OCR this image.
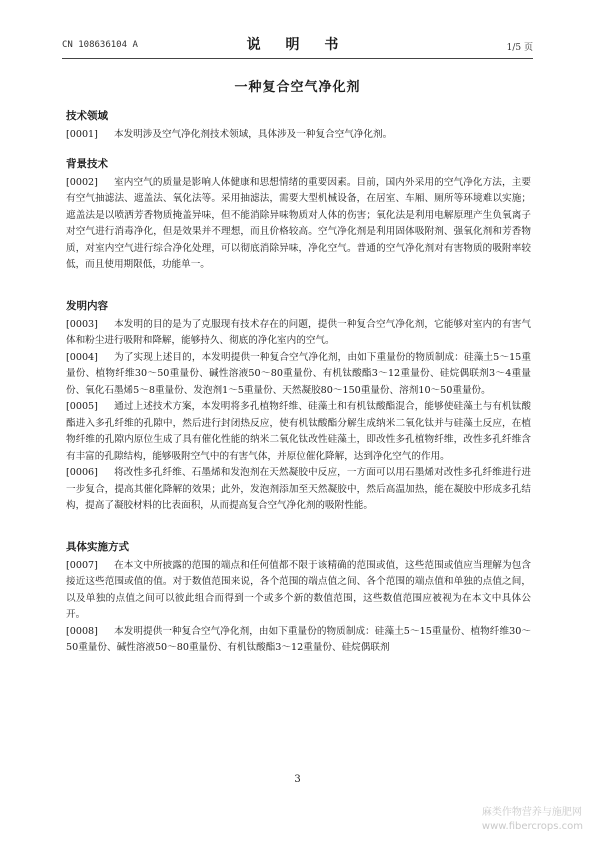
CN 108636104 A	说 明 书	1/5 页
一种复合空气净化剂
技术领域

[0001] 本发明涉及空气净化剂技术领域，具体涉及一种复合空气净化剂。

背景技术

[0002] 室内空气的质量是影响人体健康和思想情绪的重要因素。目前，国内外采用的空气净化方法，主要有空气抽滤法、遮盖法、氧化法等。采用抽滤法，需要大型机械设备，在居室、车厢、厕所等环境难以实施；遮盖法是以喷洒芳香物质掩盖异味，但不能消除异味物质对人体的伤害；氧化法是利用电解原理产生负氧离子对空气进行消毒净化，但是效果并不理想，而且价格较高。空气净化剂是利用固体吸附剂、强氧化剂和芳香物质，对室内空气进行综合净化处理，可以彻底消除异味，净化空气。普通的空气净化剂对有害物质的吸附率较低，而且使用期限低，功能单一。

发明内容

[0003] 本发明的目的是为了克服现有技术存在的问题，提供一种复合空气净化剂，它能够对室内的有害气体和粉尘进行吸附和降解，能够持久、彻底的净化室内的空气。

[0004] 为了实现上述目的，本发明提供一种复合空气净化剂，由如下重量份的物质制成：硅藻土5～15重量份、植物纤维30～50重量份、碱性溶液50～80重量份、有机钛酸酯3～12重量份、硅烷偶联剂3～4重量份、氧化石墨烯5～8重量份、发泡剂1～5重量份、天然凝胶80～150重量份、溶剂10～50重量份。

[0005] 通过上述技术方案，本发明将多孔植物纤维、硅藻土和有机钛酸酯混合，能够使硅藻土与有机钛酸酯进入多孔纤维的孔隙中，然后进行封闭热反应，使有机钛酸酯分解生成纳米二氧化钛并与硅藻土反应，在植物纤维的孔隙内原位生成了具有催化性能的纳米二氧化钛改性硅藻土，即改性多孔植物纤维，改性多孔纤维含有丰富的孔隙结构，能够吸附空气中的有害气体，并原位催化降解，达到净化空气的作用。

[0006] 将改性多孔纤维、石墨烯和发泡剂在天然凝胶中反应，一方面可以用石墨烯对改性多孔纤维进行进一步复合，提高其催化降解的效果；此外，发泡剂添加至天然凝胶中，然后高温加热，能在凝胶中形成多孔结构，提高了凝胶材料的比表面积，从而提高复合空气净化剂的吸附性能。

具体实施方式

[0007] 在本文中所披露的范围的端点和任何值都不限于该精确的范围或值，这些范围或值应当理解为包含接近这些范围或值的值。对于数值范围来说，各个范围的端点值之间、各个范围的端点值和单独的点值之间，以及单独的点值之间可以彼此组合而得到一个或多个新的数值范围，这些数值范围应被视为在本文中具体公开。

[0008] 本发明提供一种复合空气净化剂，由如下重量份的物质制成：硅藻土5～15重量份、植物纤维30～50重量份、碱性溶液50～80重量份、有机钛酸酯3～12重量份、硅烷偶联剂

3
麻类作物营养与施肥网
www.fibercrops.com
